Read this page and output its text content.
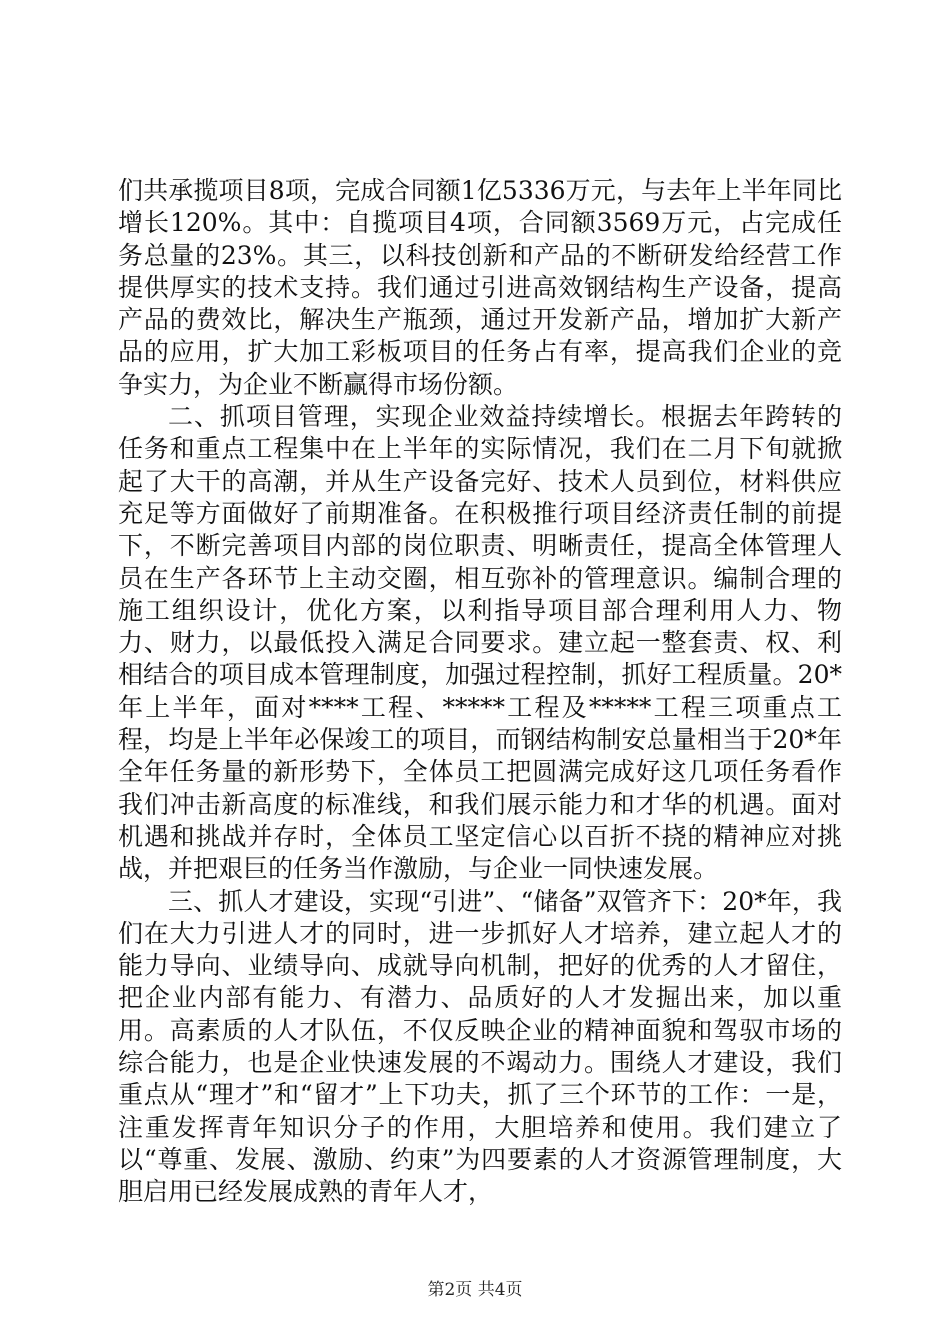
们共承揽项目8项，完成合同额1亿5336万元，与去年上半年同比增长120%。其中：自揽项目4项，合同额3569万元，占完成任务总量的23%。其三，以科技创新和产品的不断研发给经营工作提供厚实的技术支持。我们通过引进高效钢结构生产设备，提高产品的费效比，解决生产瓶颈，通过开发新产品，增加扩大新产品的应用，扩大加工彩板项目的任务占有率，提高我们企业的竞争实力，为企业不断赢得市场份额。

二、抓项目管理，实现企业效益持续增长。根据去年跨转的任务和重点工程集中在上半年的实际情况，我们在二月下旬就掀起了大干的高潮，并从生产设备完好、技术人员到位，材料供应充足等方面做好了前期准备。在积极推行项目经济责任制的前提下，不断完善项目内部的岗位职责、明晰责任，提高全体管理人员在生产各环节上主动交圈，相互弥补的管理意识。编制合理的施工组织设计，优化方案，以利指导项目部合理利用人力、物力、财力，以最低投入满足合同要求。建立起一整套责、权、利相结合的项目成本管理制度，加强过程控制，抓好工程质量。20*年上半年，面对****工程、*****工程及*****工程三项重点工程，均是上半年必保竣工的项目，而钢结构制安总量相当于20*年全年任务量的新形势下，全体员工把圆满完成好这几项任务看作我们冲击新高度的标准线，和我们展示能力和才华的机遇。面对机遇和挑战并存时，全体员工坚定信心以百折不挠的精神应对挑战，并把艰巨的任务当作激励，与企业一同快速发展。

三、抓人才建设，实现“引进”、“储备”双管齐下：20*年，我们在大力引进人才的同时，进一步抓好人才培养，建立起人才的能力导向、业绩导向、成就导向机制，把好的优秀的人才留住，把企业内部有能力、有潜力、品质好的人才发掘出来，加以重用。高素质的人才队伍，不仅反映企业的精神面貌和驾驭市场的综合能力，也是企业快速发展的不竭动力。围绕人才建设，我们重点从“理才”和“留才”上下功夫，抓了三个环节的工作：一是，注重发挥青年知识分子的作用，大胆培养和使用。我们建立了以“尊重、发展、激励、约束”为四要素的人才资源管理制度，大胆启用已经发展成熟的青年人才，

第2页 共4页
